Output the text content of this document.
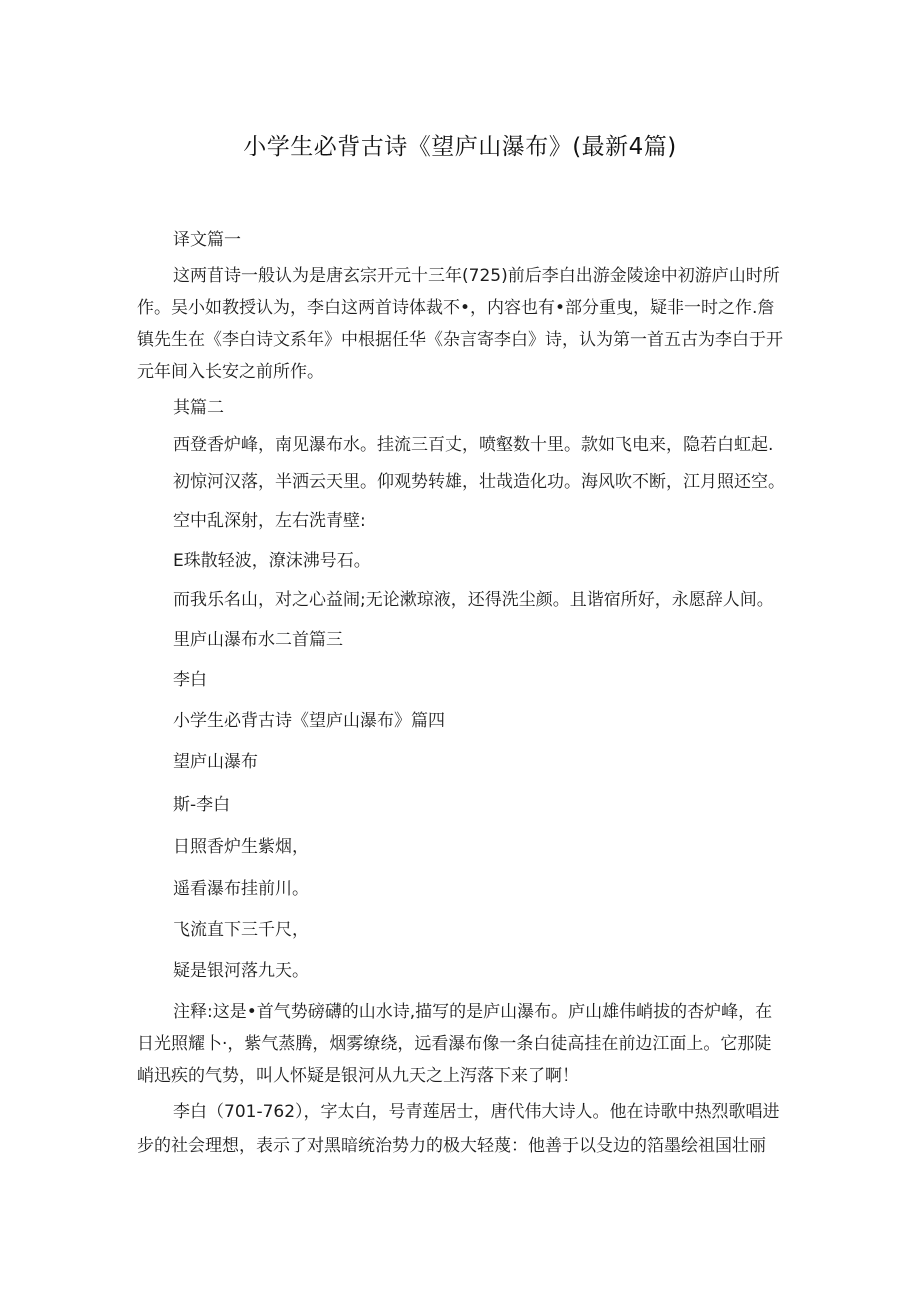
小学生必背古诗《望庐山瀑布》(最新4篇)
译文篇一
这两苜诗一般认为是唐玄宗开元十三年(725)前后李白出游金陵途中初游庐山时所作。吴小如教授认为，李白这两首诗体裁不•，内容也有•部分重曳，疑非一时之作.詹镇先生在《李白诗文系年》中根据任华《杂言寄李白》诗，认为第一首五古为李白于开元年间入长安之前所作。
其篇二
西登香炉峰，南见瀑布水。挂流三百丈，喷壑数十里。款如飞电来，隐若白虹起.
初惊河汉落，半洒云天里。仰观势转雄，壮哉造化功。海风吹不断，江月照还空。
空中乱深射，左右洗青壁:
E珠散轻波，潦沫沸号石。
而我乐名山，对之心益闹;无论漱琼液，还得洗尘颜。且谐宿所好，永愿辞人间。
里庐山瀑布水二首篇三
李白
小学生必背古诗《望庐山瀑布》篇四
望庐山瀑布
斯-李白
日照香炉生紫烟，
遥看瀑布挂前川。
飞流直下三千尺，
疑是银河落九天。
注释:这是•首气势磅礴的山水诗,描写的是庐山瀑布。庐山雄伟峭拔的杏炉峰，在日光照耀卜·，紫气蒸腾，烟雾缭绕，远看瀑布像一条白徒高挂在前边江面上。它那陡峭迅疾的气势，叫人怀疑是银河从九天之上泻落下来了啊！
李白（701-762），字太白，号青莲居士，唐代伟大诗人。他在诗歌中热烈歌唱进步的社会理想，表示了对黑暗统治势力的极大轻蔑：他善于以殳边的箔墨绘祖国壮丽
